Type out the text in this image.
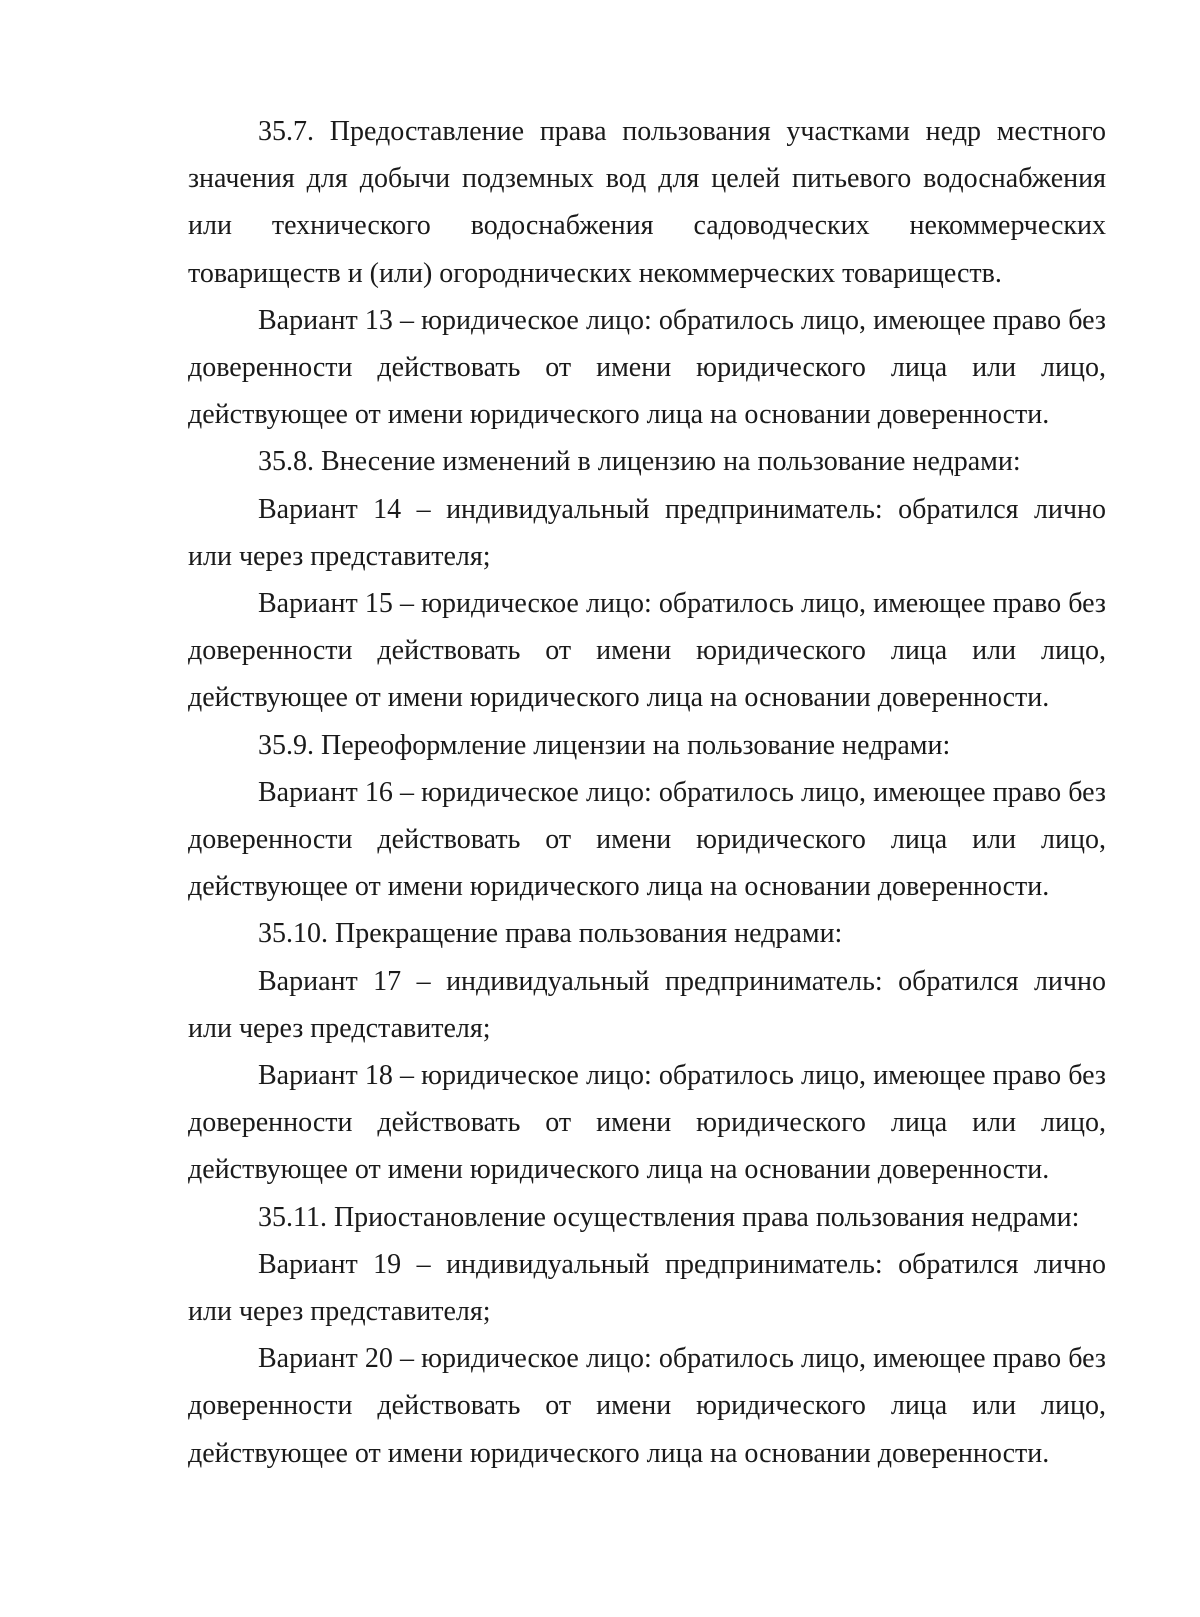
35.7. Предоставление права пользования участками недр местного значения для добычи подземных вод для целей питьевого водоснабжения или технического водоснабжения садоводческих некоммерческих товариществ и (или) огороднических некоммерческих товариществ.

Вариант 13 – юридическое лицо: обратилось лицо, имеющее право без доверенности действовать от имени юридического лица или лицо, действующее от имени юридического лица на основании доверенности.

35.8. Внесение изменений в лицензию на пользование недрами:

Вариант 14 – индивидуальный предприниматель: обратился лично или через представителя;

Вариант 15 – юридическое лицо: обратилось лицо, имеющее право без доверенности действовать от имени юридического лица или лицо, действующее от имени юридического лица на основании доверенности.

35.9. Переоформление лицензии на пользование недрами:

Вариант 16 – юридическое лицо: обратилось лицо, имеющее право без доверенности действовать от имени юридического лица или лицо, действующее от имени юридического лица на основании доверенности.

35.10. Прекращение права пользования недрами:

Вариант 17 – индивидуальный предприниматель: обратился лично или через представителя;

Вариант 18 – юридическое лицо: обратилось лицо, имеющее право без доверенности действовать от имени юридического лица или лицо, действующее от имени юридического лица на основании доверенности.

35.11. Приостановление осуществления права пользования недрами:

Вариант 19 – индивидуальный предприниматель: обратился лично или через представителя;

Вариант 20 – юридическое лицо: обратилось лицо, имеющее право без доверенности действовать от имени юридического лица или лицо, действующее от имени юридического лица на основании доверенности.
